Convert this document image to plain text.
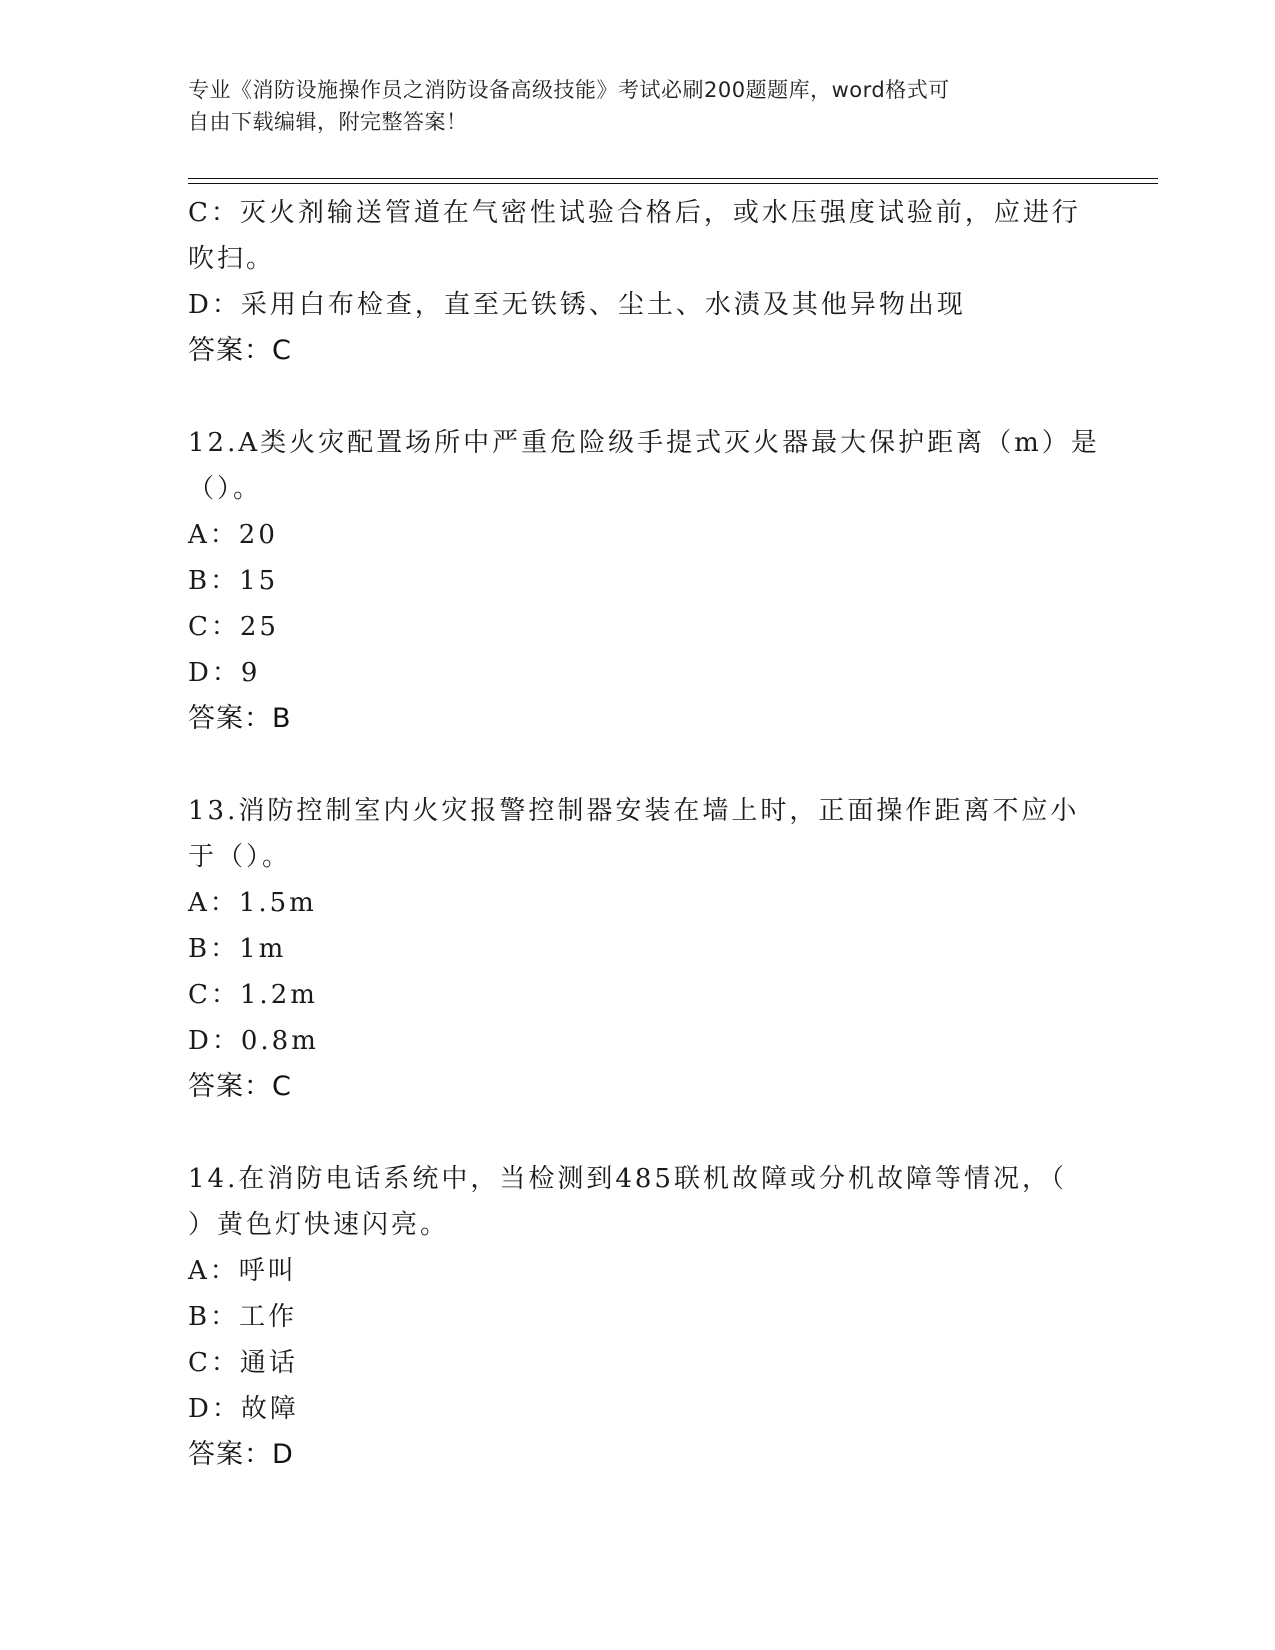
专业《消防设施操作员之消防设备高级技能》考试必刷200题题库，word格式可
自由下载编辑，附完整答案！
C：灭火剂输送管道在气密性试验合格后，或水压强度试验前，应进行
吹扫。
D：采用白布检查，直至无铁锈、尘土、水渍及其他异物出现
答案：C
12.A类火灾配置场所中严重危险级手提式灭火器最大保护距离（m）是
（）。
A：20
B：15
C：25
D：9
答案：B
13.消防控制室内火灾报警控制器安装在墙上时，正面操作距离不应小
于（）。
A：1.5m
B：1m
C：1.2m
D：0.8m
答案：C
14.在消防电话系统中，当检测到485联机故障或分机故障等情况，（
）黄色灯快速闪亮。
A：呼叫
B：工作
C：通话
D：故障
答案：D
